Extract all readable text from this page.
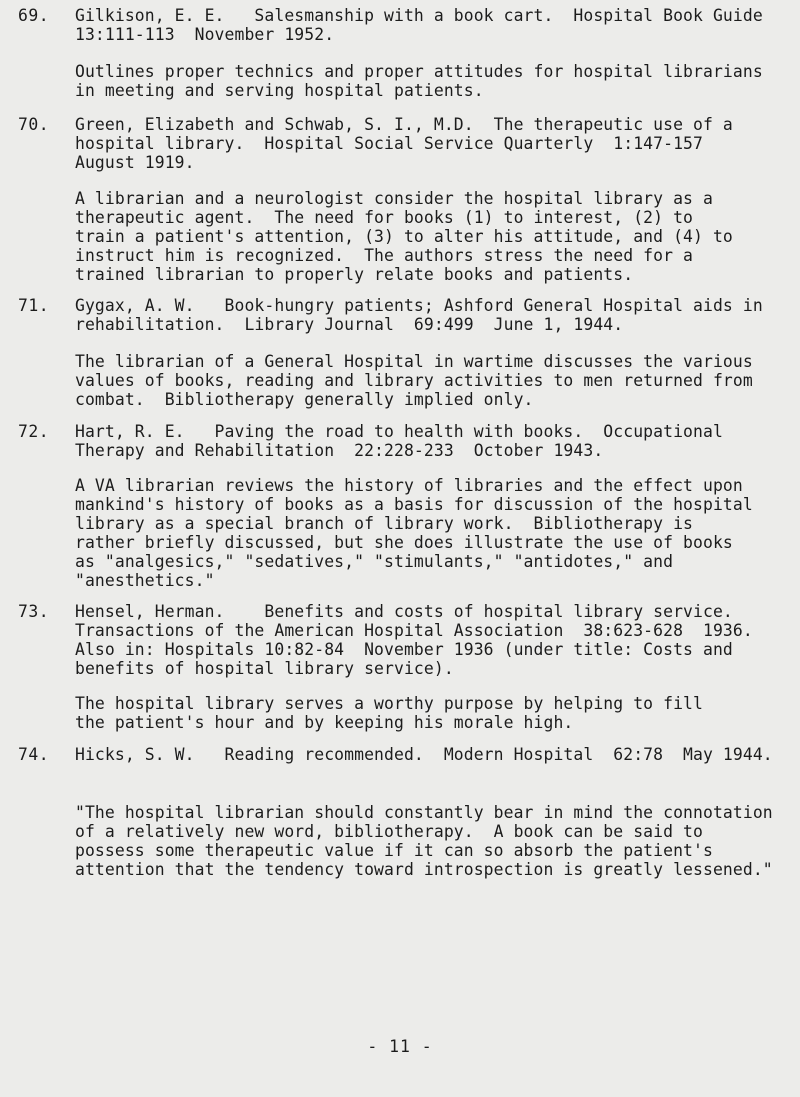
69.	Gilkison, E. E.   Salesmanship with a book cart.  Hospital Book Guide
13:111-113  November 1952.
Outlines proper technics and proper attitudes for hospital librarians
in meeting and serving hospital patients.
70.	Green, Elizabeth and Schwab, S. I., M.D.  The therapeutic use of a
hospital library.  Hospital Social Service Quarterly  1:147-157
August 1919.
A librarian and a neurologist consider the hospital library as a
therapeutic agent.  The need for books (1) to interest, (2) to
train a patient's attention, (3) to alter his attitude, and (4) to
instruct him is recognized.  The authors stress the need for a
trained librarian to properly relate books and patients.
71.	Gygax, A. W.   Book-hungry patients; Ashford General Hospital aids in
rehabilitation.  Library Journal  69:499  June 1, 1944.
The librarian of a General Hospital in wartime discusses the various
values of books, reading and library activities to men returned from
combat.  Bibliotherapy generally implied only.
72.	Hart, R. E.   Paving the road to health with books.  Occupational
Therapy and Rehabilitation  22:228-233  October 1943.
A VA librarian reviews the history of libraries and the effect upon
mankind's history of books as a basis for discussion of the hospital
library as a special branch of library work.  Bibliotherapy is
rather briefly discussed, but she does illustrate the use of books
as "analgesics," "sedatives," "stimulants," "antidotes," and
"anesthetics."
73.	Hensel, Herman.    Benefits and costs of hospital library service.
Transactions of the American Hospital Association  38:623-628  1936.
Also in: Hospitals 10:82-84  November 1936 (under title: Costs and
benefits of hospital library service).
The hospital library serves a worthy purpose by helping to fill
the patient's hour and by keeping his morale high.
74.	Hicks, S. W.   Reading recommended.  Modern Hospital  62:78  May 1944.
"The hospital librarian should constantly bear in mind the connotation
of a relatively new word, bibliotherapy.  A book can be said to
possess some therapeutic value if it can so absorb the patient's
attention that the tendency toward introspection is greatly lessened."
- 11 -
